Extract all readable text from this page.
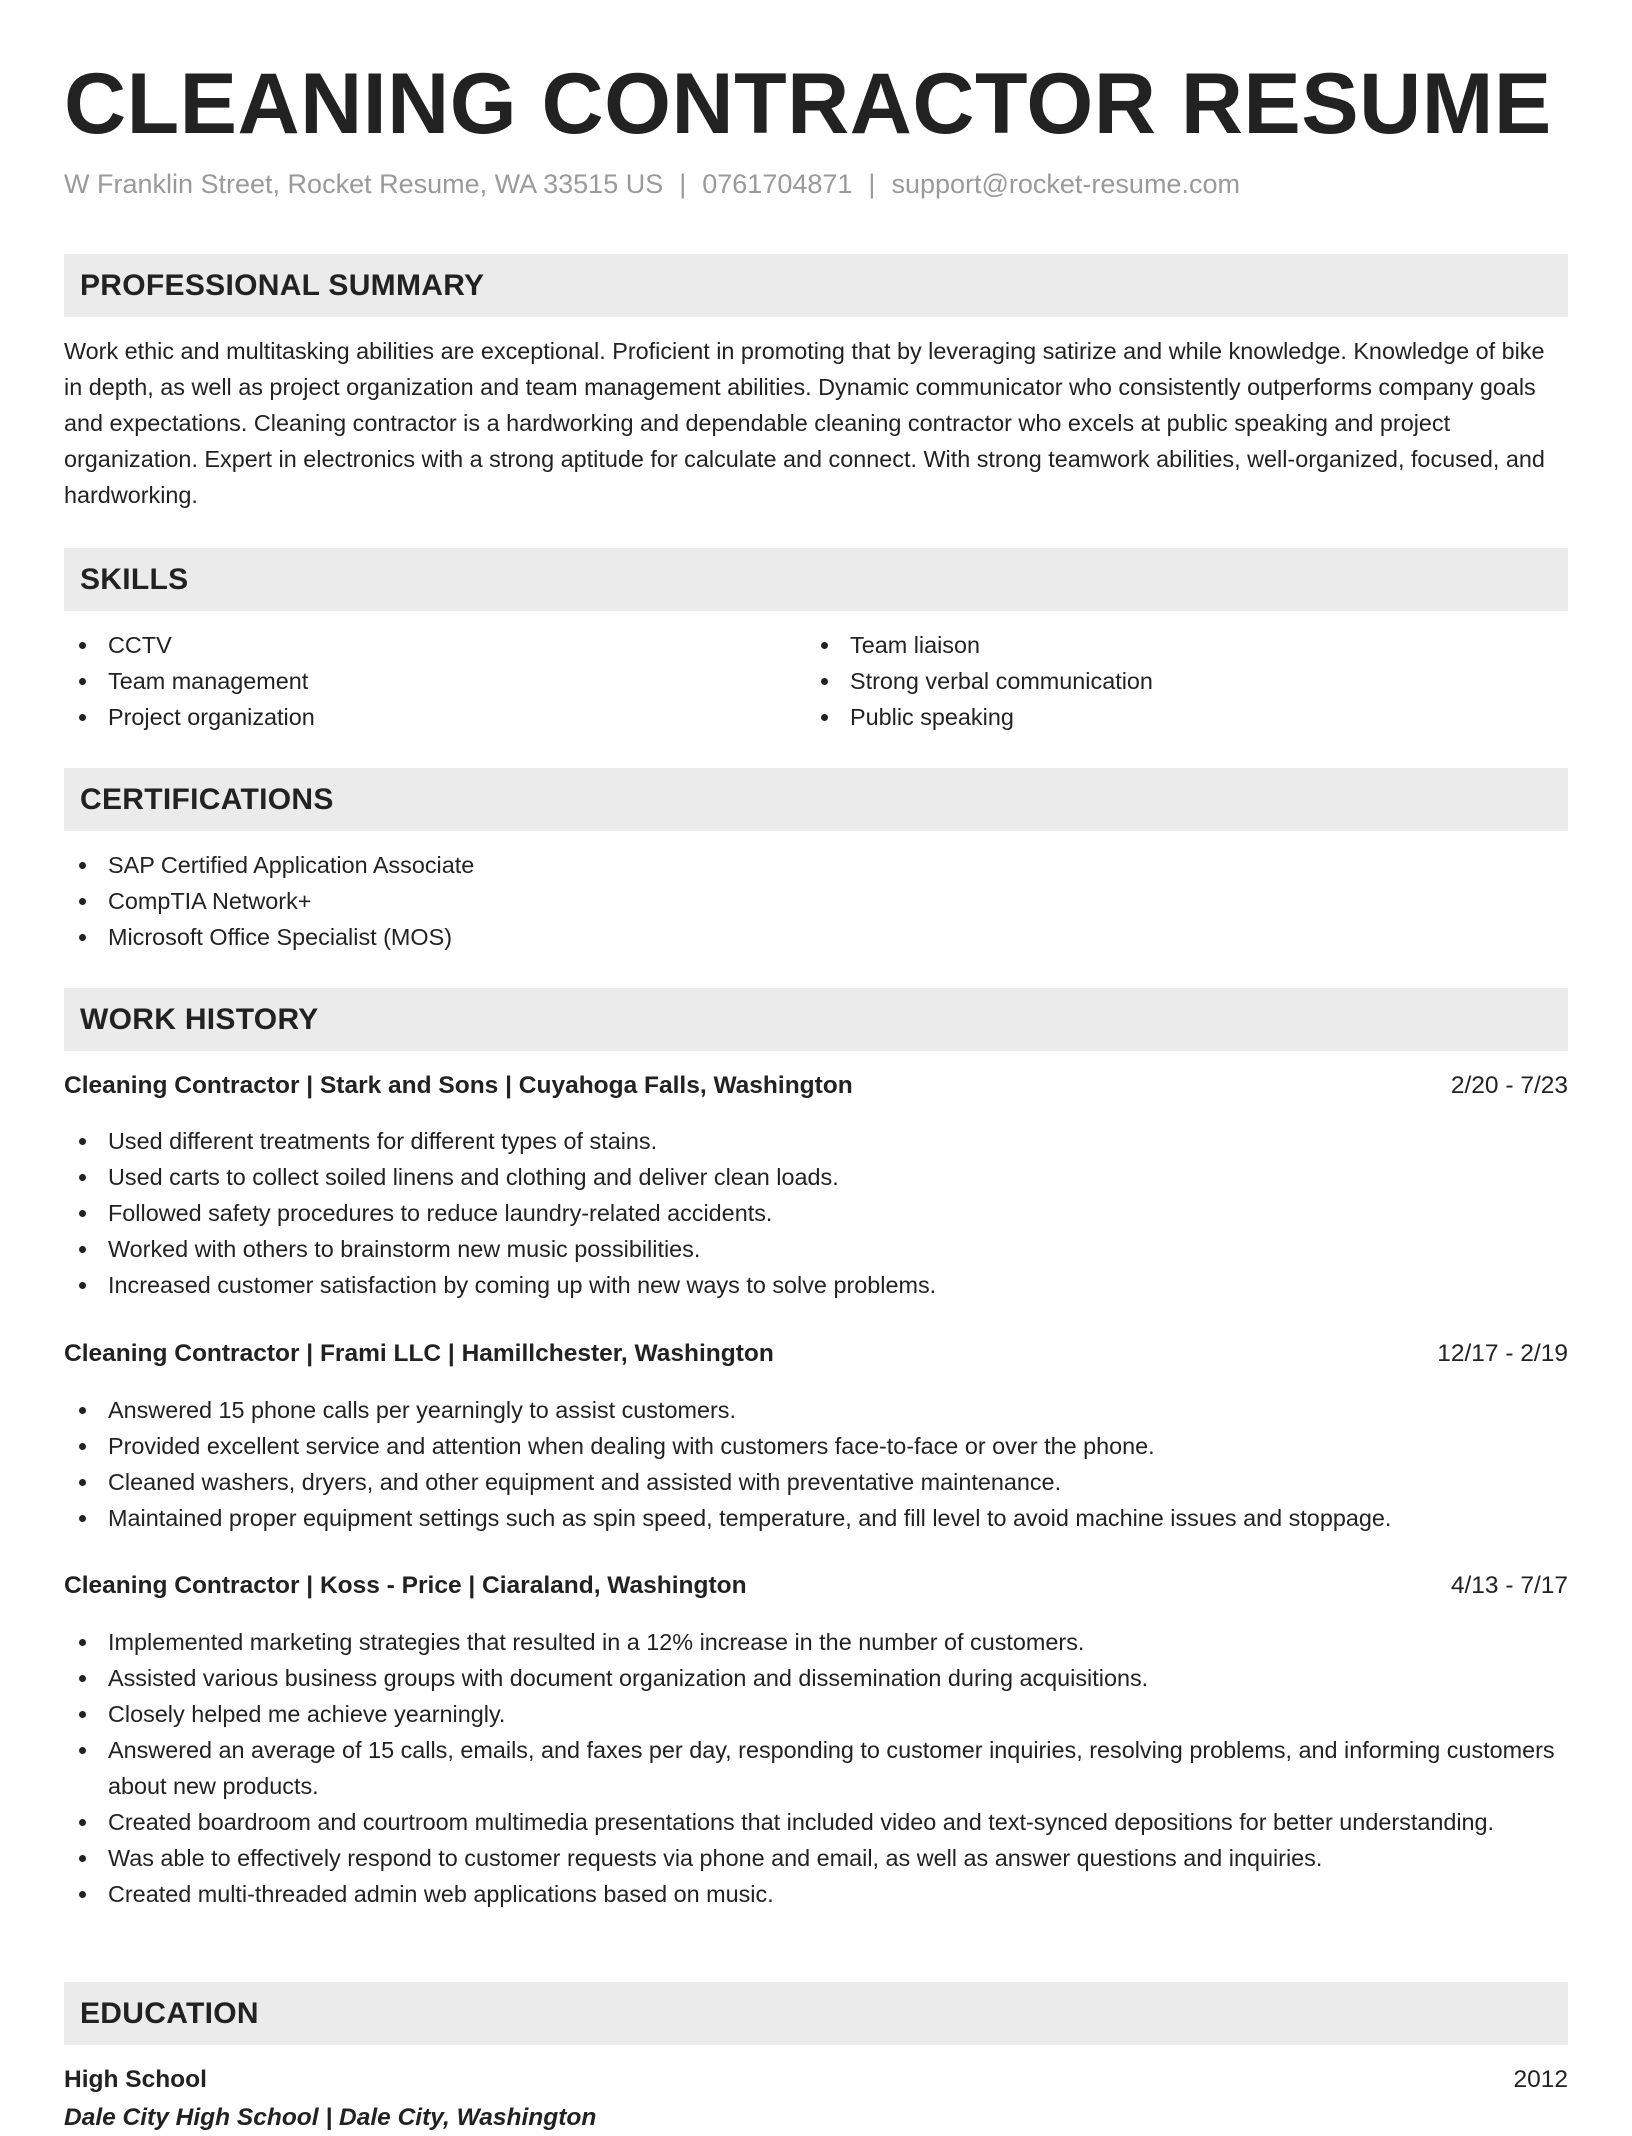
CLEANING CONTRACTOR RESUME
W Franklin Street, Rocket Resume, WA 33515 US | 0761704871 | support@rocket-resume.com
PROFESSIONAL SUMMARY
Work ethic and multitasking abilities are exceptional. Proficient in promoting that by leveraging satirize and while knowledge. Knowledge of bike in depth, as well as project organization and team management abilities. Dynamic communicator who consistently outperforms company goals and expectations. Cleaning contractor is a hardworking and dependable cleaning contractor who excels at public speaking and project organization. Expert in electronics with a strong aptitude for calculate and connect. With strong teamwork abilities, well-organized, focused, and hardworking.
SKILLS
CCTV
Team management
Project organization
Team liaison
Strong verbal communication
Public speaking
CERTIFICATIONS
SAP Certified Application Associate
CompTIA Network+
Microsoft Office Specialist (MOS)
WORK HISTORY
Cleaning Contractor | Stark and Sons | Cuyahoga Falls, Washington	2/20 - 7/23
Used different treatments for different types of stains.
Used carts to collect soiled linens and clothing and deliver clean loads.
Followed safety procedures to reduce laundry-related accidents.
Worked with others to brainstorm new music possibilities.
Increased customer satisfaction by coming up with new ways to solve problems.
Cleaning Contractor | Frami LLC | Hamillchester, Washington	12/17 - 2/19
Answered 15 phone calls per yearningly to assist customers.
Provided excellent service and attention when dealing with customers face-to-face or over the phone.
Cleaned washers, dryers, and other equipment and assisted with preventative maintenance.
Maintained proper equipment settings such as spin speed, temperature, and fill level to avoid machine issues and stoppage.
Cleaning Contractor | Koss - Price | Ciaraland, Washington	4/13 - 7/17
Implemented marketing strategies that resulted in a 12% increase in the number of customers.
Assisted various business groups with document organization and dissemination during acquisitions.
Closely helped me achieve yearningly.
Answered an average of 15 calls, emails, and faxes per day, responding to customer inquiries, resolving problems, and informing customers about new products.
Created boardroom and courtroom multimedia presentations that included video and text-synced depositions for better understanding.
Was able to effectively respond to customer requests via phone and email, as well as answer questions and inquiries.
Created multi-threaded admin web applications based on music.
EDUCATION
High School	2012
Dale City High School | Dale City, Washington
